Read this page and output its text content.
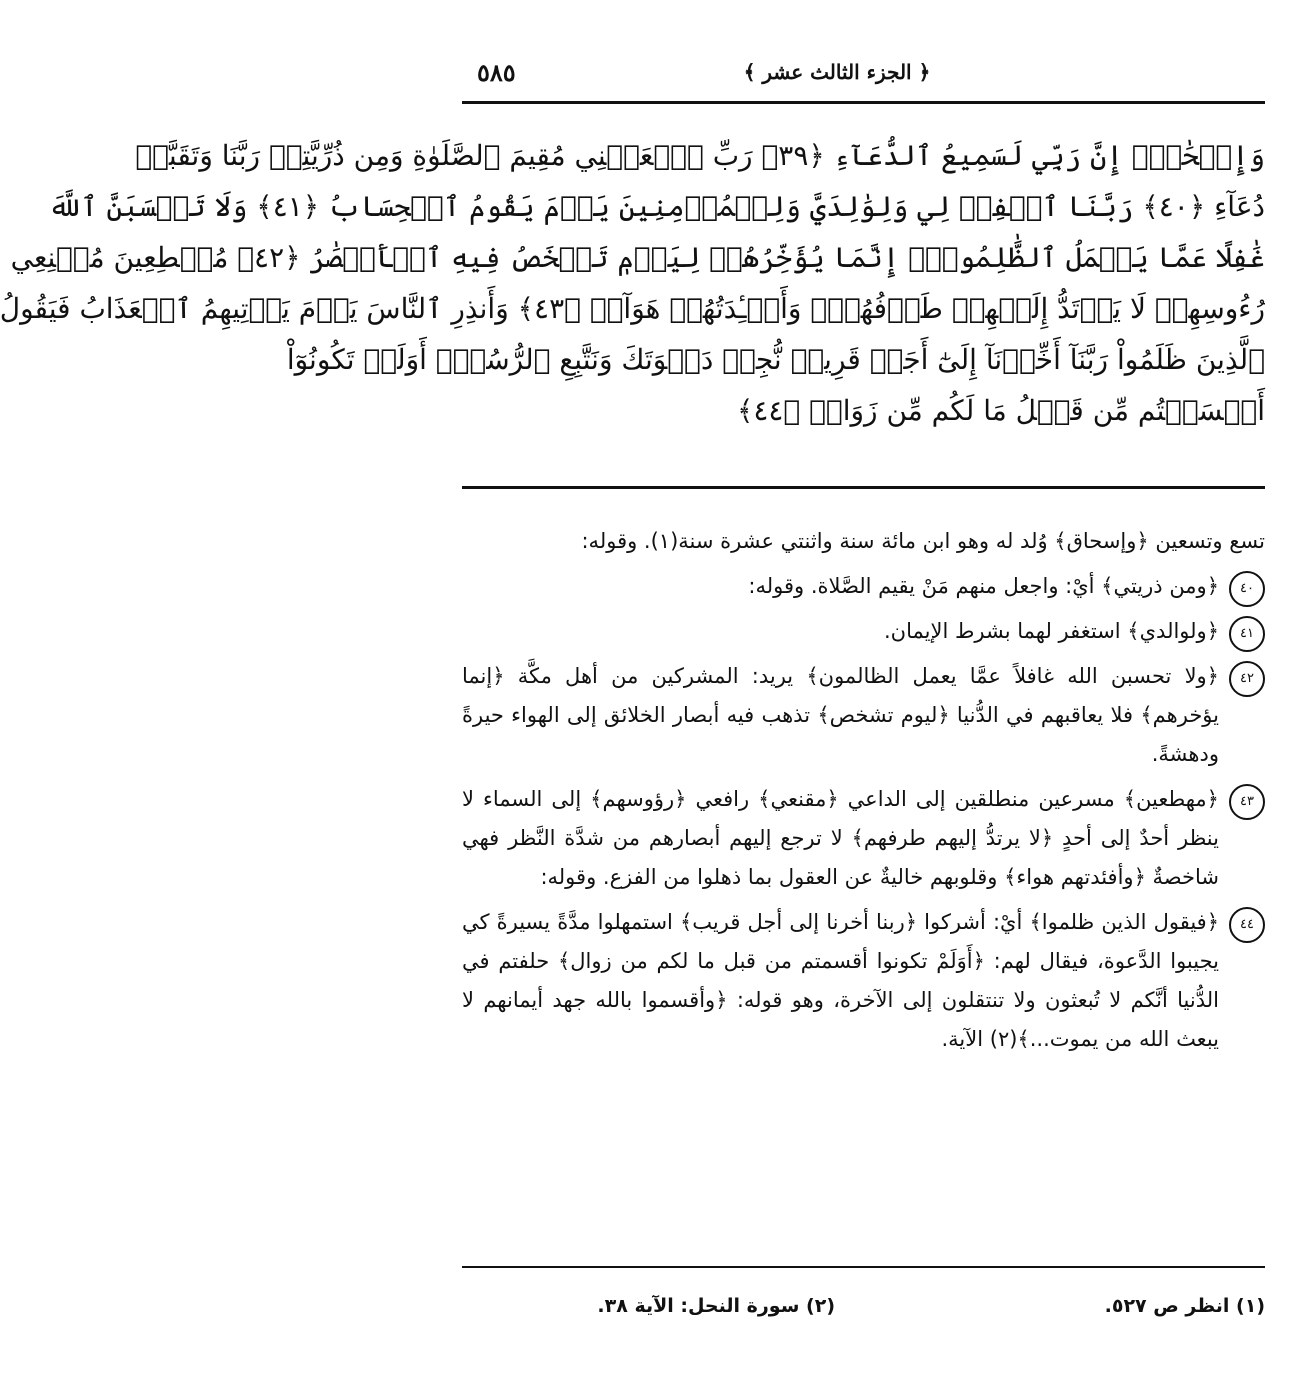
٥٨٥	﴿ الجزء الثالث عشر ﴾
وَإِسۡحَٰقَۚ إِنَّ رَبِّي لَسَمِيعُ ٱلدُّعَآءِ ﴿٣٩﴾ رَبِّ ٱجۡعَلۡنِي مُقِيمَ ٱلصَّلَوٰةِ وَمِن ذُرِّيَّتِيۚ رَبَّنَا وَتَقَبَّلۡ
دُعَآءِ ﴿٤٠﴾ رَبَّنَا ٱغۡفِرۡ لِي وَلِوَٰلِدَيَّ وَلِلۡمُؤۡمِنِينَ يَوۡمَ يَقُومُ ٱلۡحِسَابُ ﴿٤١﴾ وَلَا تَحۡسَبَنَّ ٱللَّهَ
غَٰفِلًا عَمَّا يَعۡمَلُ ٱلظَّٰلِمُونَۚ إِنَّمَا يُؤَخِّرُهُمۡ لِيَوۡمٖ تَشۡخَصُ فِيهِ ٱلۡأَبۡصَٰرُ ﴿٤٢﴾ مُهۡطِعِينَ مُقۡنِعِي
رُءُوسِهِمۡ لَا يَرۡتَدُّ إِلَيۡهِمۡ طَرۡفُهُمۡۖ وَأَفۡـِٔدَتُهُمۡ هَوَآءٞ ﴿٤٣﴾ وَأَنذِرِ ٱلنَّاسَ يَوۡمَ يَأۡتِيهِمُ ٱلۡعَذَابُ فَيَقُولُ
ٱلَّذِينَ ظَلَمُواْ رَبَّنَآ أَخِّرۡنَآ إِلَىٰٓ أَجَلٖ قَرِيبٖ نُّجِبۡ دَعۡوَتَكَ وَنَتَّبِعِ ٱلرُّسُلَۗ أَوَلَمۡ تَكُونُوٓاْ
أَقۡسَمۡتُم مِّن قَبۡلُ مَا لَكُم مِّن زَوَالٖ ﴿٤٤﴾
تسع وتسعين ﴿وإسحاق﴾ وُلد له وهو ابن مائة سنة واثنتي عشرة سنة(١). وقوله:
٤٠
﴿ومن ذريتي﴾ أيْ: واجعل منهم مَنْ يقيم الصَّلاة. وقوله:
٤١
﴿ولوالدي﴾ استغفر لهما بشرط الإيمان.
٤٢
﴿ولا تحسبن الله غافلاً عمَّا يعمل الظالمون﴾ يريد: المشركين من أهل مكَّة ﴿إنما يؤخرهم﴾ فلا يعاقبهم في الدُّنيا ﴿ليوم تشخص﴾ تذهب فيه أبصار الخلائق إلى الهواء حيرةً ودهشةً.
٤٣
﴿مهطعين﴾ مسرعين منطلقين إلى الداعي ﴿مقنعي﴾ رافعي ﴿رؤوسهم﴾ إلى السماء لا ينظر أحدٌ إلى أحدٍ ﴿لا يرتدُّ إليهم طرفهم﴾ لا ترجع إليهم أبصارهم من شدَّة النَّظر فهي شاخصةٌ ﴿وأفئدتهم هواء﴾ وقلوبهم خاليةٌ عن العقول بما ذهلوا من الفزع. وقوله:
٤٤
﴿فيقول الذين ظلموا﴾ أيْ: أشركوا ﴿ربنا أخرنا إلى أجل قريب﴾ استمهلوا مدَّةً يسيرةً كي يجيبوا الدَّعوة، فيقال لهم: ﴿أَوَلَمْ تكونوا أقسمتم من قبل ما لكم من زوال﴾ حلفتم في الدُّنيا أنَّكم لا تُبعثون ولا تنتقلون إلى الآخرة، وهو قوله: ﴿وأقسموا بالله جهد أيمانهم لا يبعث الله من يموت...﴾(٢) الآية.
(١) انظر ص ٥٢٧.
(٢) سورة النحل: الآية ٣٨.
